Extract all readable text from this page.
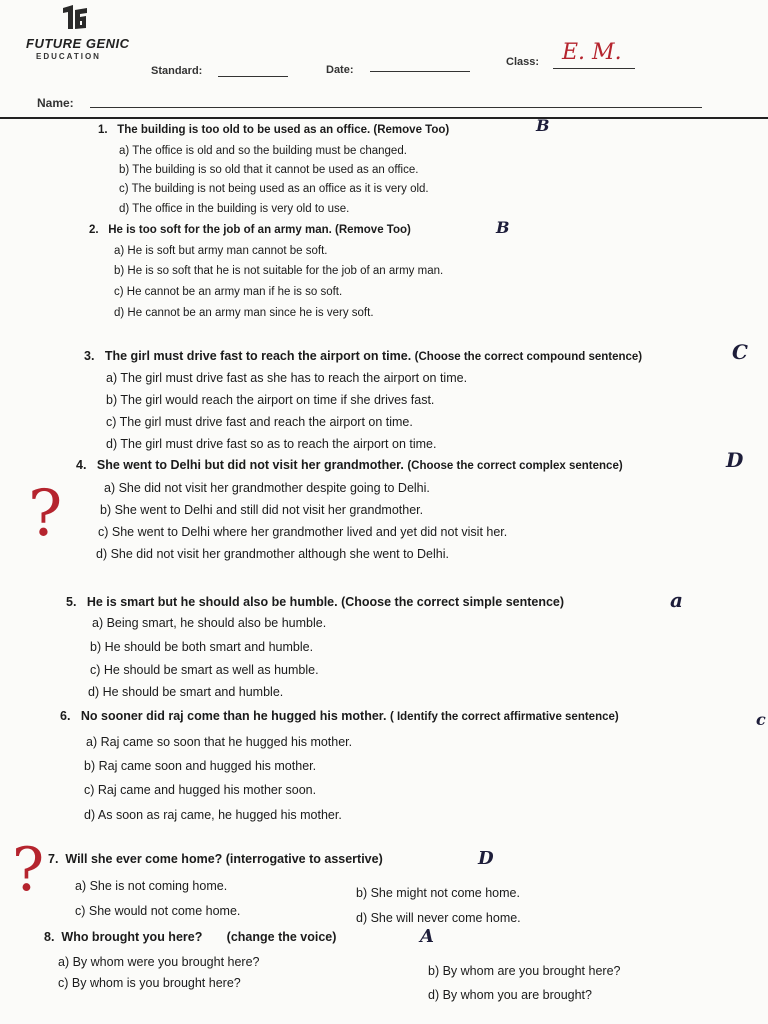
FUTURE GENIC
EDUCATION
Standard:	Date:
Class: E. M.
Name:
1. The building is too old to be used as an office. (Remove Too)	B
a) The office is old and so the building must be changed.
b) The building is so old that it cannot be used as an office.
c) The building is not being used as an office as it is very old.
d) The office in the building is very old to use.
2. He is too soft for the job of an army man. (Remove Too)	B
a) He is soft but army man cannot be soft.
b) He is so soft that he is not suitable for the job of an army man.
c) He cannot be an army man if he is so soft.
d) He cannot be an army man since he is very soft.
3. The girl must drive fast to reach the airport on time. (Choose the correct compound sentence)	C
a) The girl must drive fast as she has to reach the airport on time.
b) The girl would reach the airport on time if she drives fast.
c) The girl must drive fast and reach the airport on time.
d) The girl must drive fast so as to reach the airport on time.
4. She went to Delhi but did not visit her grandmother. (Choose the correct complex sentence)	D
a) She did not visit her grandmother despite going to Delhi.
b) She went to Delhi and still did not visit her grandmother.
c) She went to Delhi where her grandmother lived and yet did not visit her.
d) She did not visit her grandmother although she went to Delhi.
?
5. He is smart but he should also be humble. (Choose the correct simple sentence)	a
a) Being smart, he should also be humble.
b) He should be both smart and humble.
c) He should be smart as well as humble.
d) He should be smart and humble.
6. No sooner did raj come than he hugged his mother. ( Identify the correct affirmative sentence)	c
a) Raj came so soon that he hugged his mother.
b) Raj came soon and hugged his mother.
c) Raj came and hugged his mother soon.
d) As soon as raj came, he hugged his mother.
7. Will she ever come home? (interrogative to assertive)	D
a) She is not coming home.	b) She might not come home.
c) She would not come home.	d) She will never come home.
?
8. Who brought you here? (change the voice)	A
a) By whom were you brought here?
b) By whom are you brought here?
c) By whom is you brought here?
d) By whom you are brought?
